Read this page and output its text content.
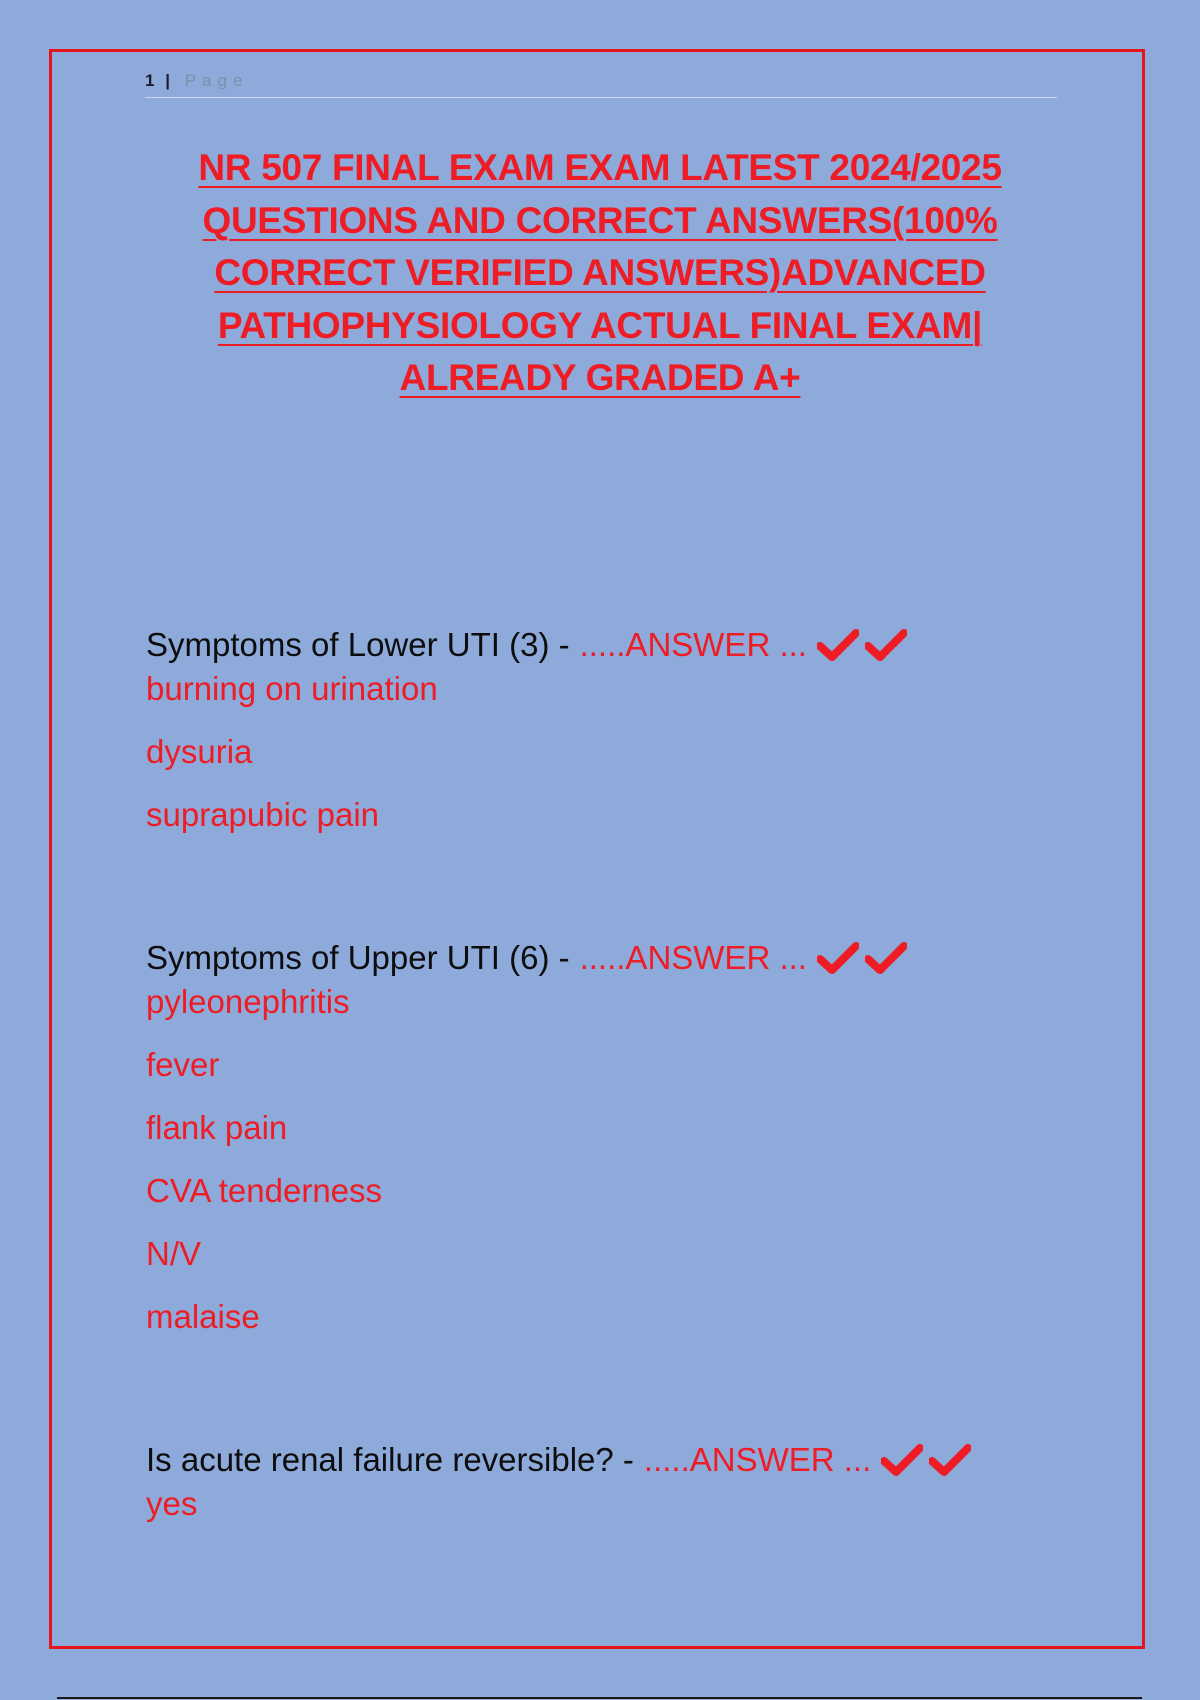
1 | Page
NR 507 FINAL EXAM EXAM LATEST 2024/2025 QUESTIONS AND CORRECT ANSWERS(100% CORRECT VERIFIED ANSWERS)ADVANCED PATHOPHYSIOLOGY ACTUAL FINAL EXAM| ALREADY GRADED A+
Symptoms of Lower UTI (3) - .....ANSWER ...
burning on urination
dysuria
suprapubic pain
Symptoms of Upper UTI (6) - .....ANSWER ...
pyleonephritis
fever
flank pain
CVA tenderness
N/V
malaise
Is acute renal failure reversible? - .....ANSWER ...
yes
